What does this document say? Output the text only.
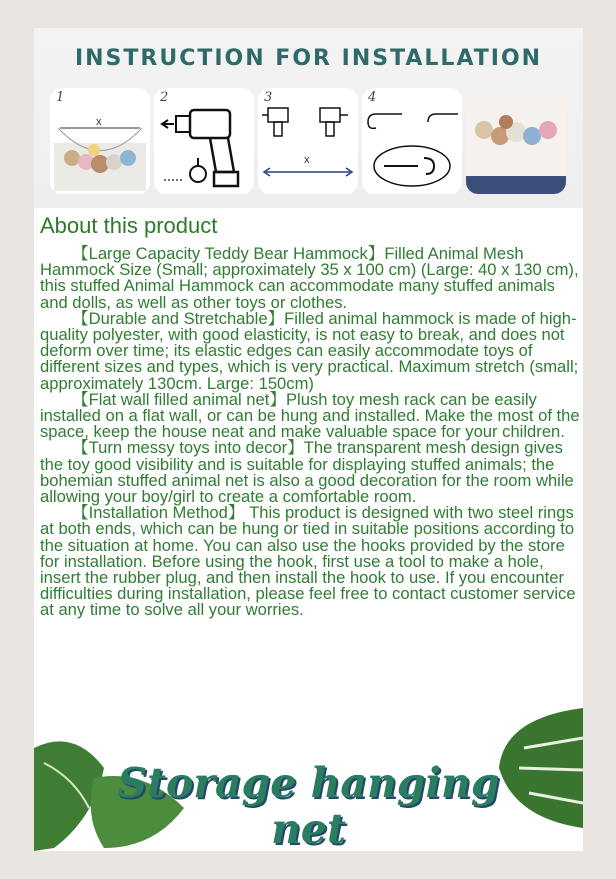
INSTRUCTION FOR INSTALLATION
1
x
2	3
x
4
About this product

【Large Capacity Teddy Bear Hammock】Filled Animal Mesh Hammock Size (Small; approximately 35 x 100 cm) (Large: 40 x 130 cm), this stuffed Animal Hammock can accommodate many stuffed animals and dolls, as well as other toys or clothes.

【Durable and Stretchable】Filled animal hammock is made of high-quality polyester, with good elasticity, is not easy to break, and does not deform over time; its elastic edges can easily accommodate toys of different sizes and types, which is very practical. Maximum stretch (small; approximately 130cm. Large: 150cm)

【Flat wall filled animal net】Plush toy mesh rack can be easily installed on a flat wall, or can be hung and installed. Make the most of the space, keep the house neat and make valuable space for your children.

【Turn messy toys into decor】The transparent mesh design gives the toy good visibility and is suitable for displaying stuffed animals; the bohemian stuffed animal net is also a good decoration for the room while allowing your boy/girl to create a comfortable room.

【Installation Method】 This product is designed with two steel rings at both ends, which can be hung or tied in suitable positions according to the situation at home. You can also use the hooks provided by the store for installation. Before using the hook, first use a tool to make a hole, insert the rubber plug, and then install the hook to use. If you encounter difficulties during installation, please feel free to contact customer service at any time to solve all your worries.

Storage hanging
net
